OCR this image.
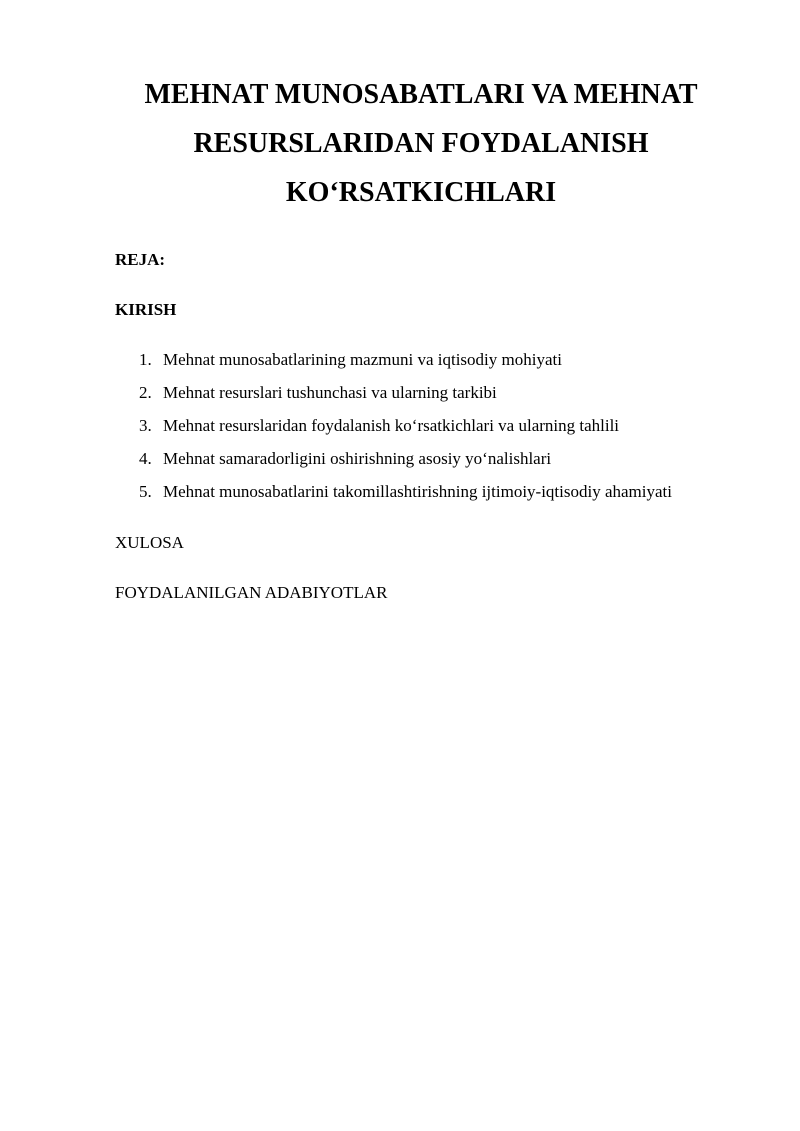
MEHNAT MUNOSABATLARI VA MEHNAT
RESURSLARIDAN FOYDALANISH
KO‘RSATKICHLARI

REJA:

KIRISH

1. Mehnat munosabatlarining mazmuni va iqtisodiy mohiyati
2. Mehnat resurslari tushunchasi va ularning tarkibi
3. Mehnat resurslaridan foydalanish ko‘rsatkichlari va ularning tahlili
4. Mehnat samaradorligini oshirishning asosiy yo‘nalishlari
5. Mehnat munosabatlarini takomillashtirishning ijtimoiy-iqtisodiy ahamiyati

XULOSA

FOYDALANILGAN ADABIYOTLAR
